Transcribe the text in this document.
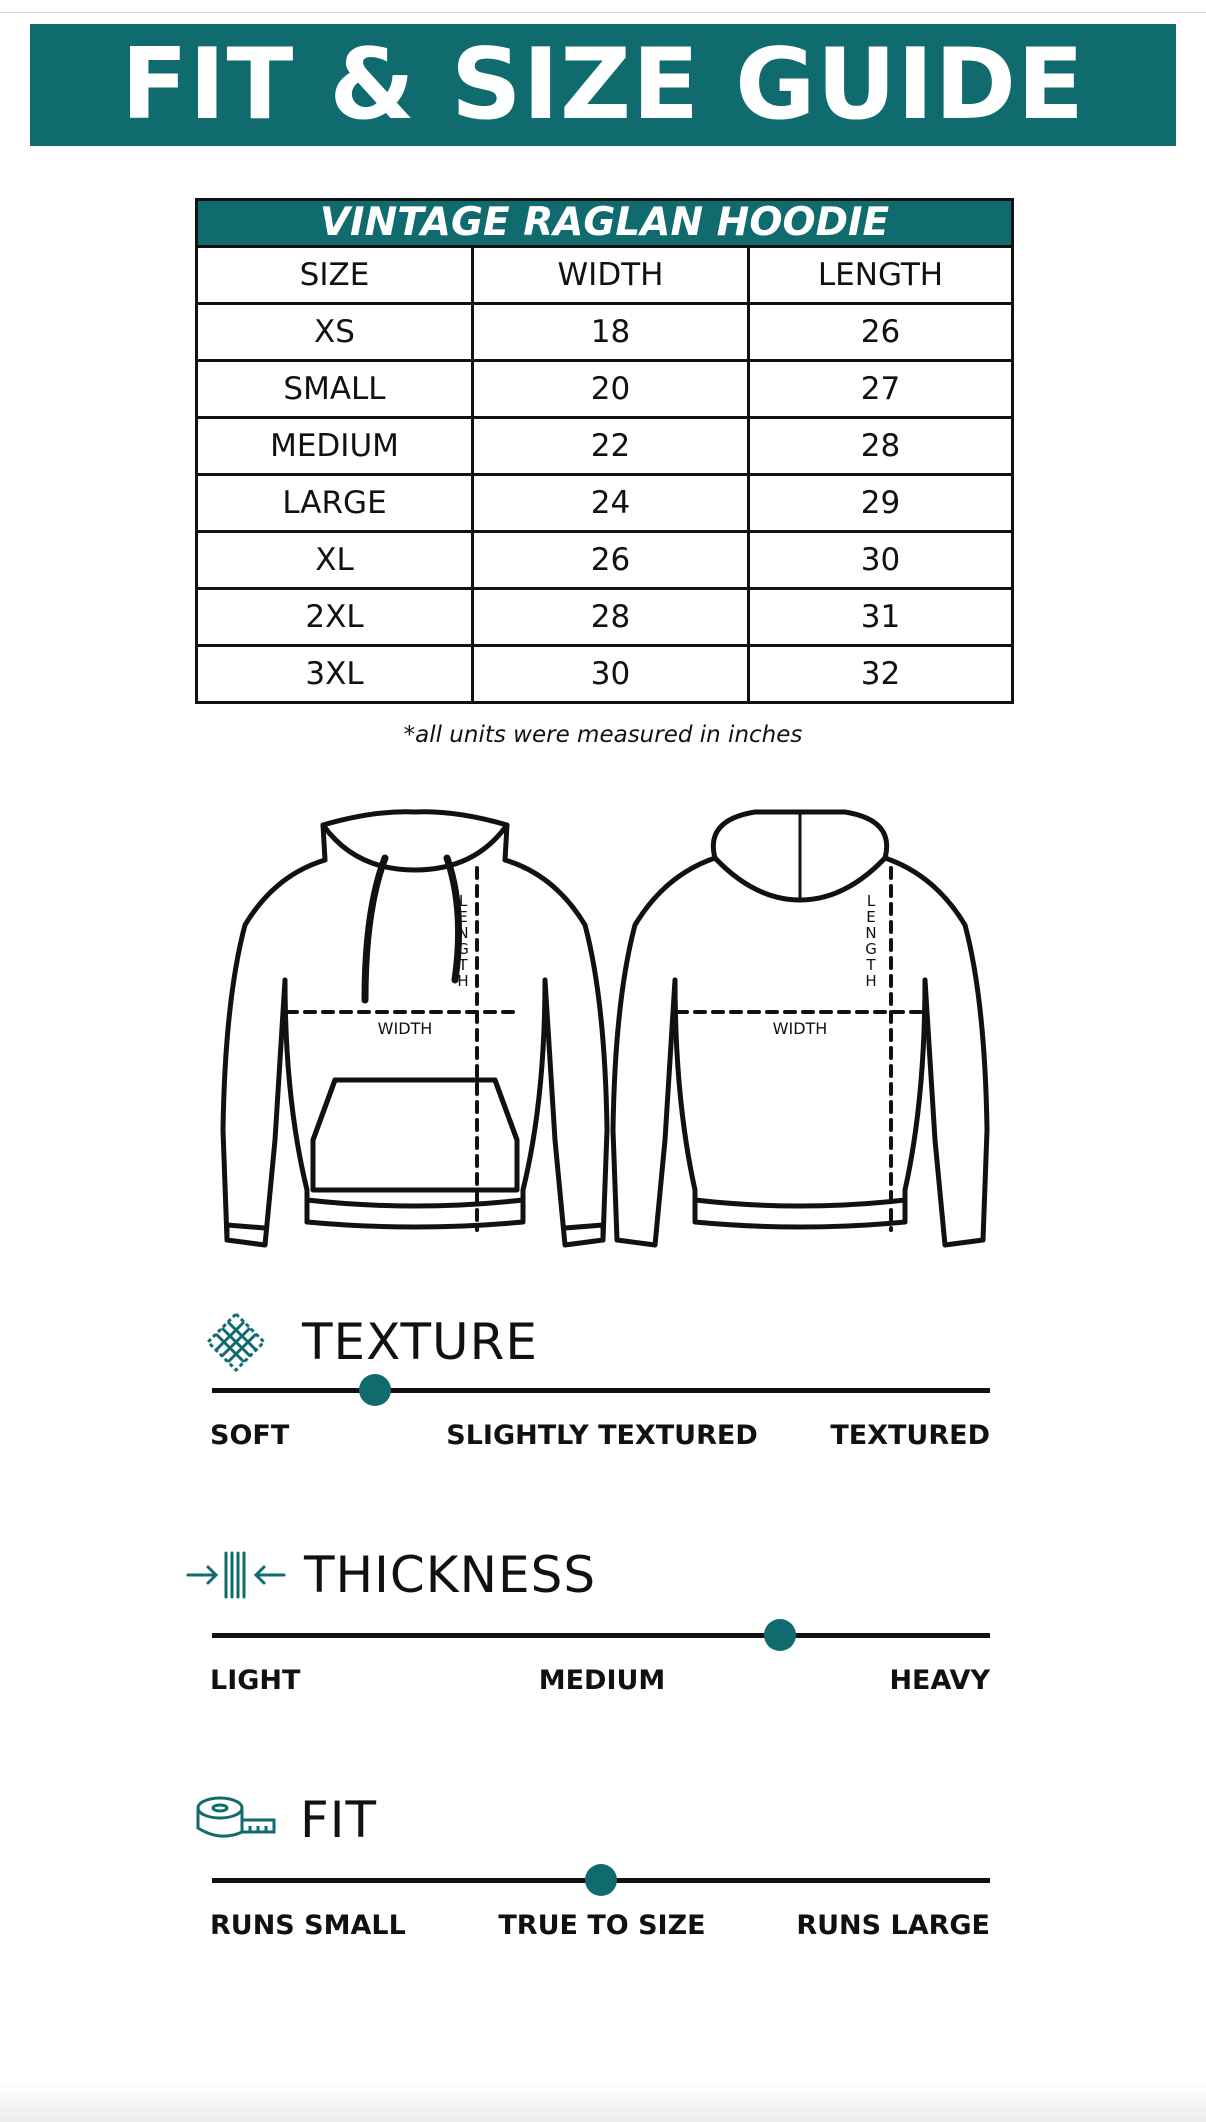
FIT & SIZE GUIDE
VINTAGE RAGLAN HOODIE		
SIZE	WIDTH	LENGTH
XS	18	26
SMALL	20	27
MEDIUM	22	28
LARGE	24	29
XL	26	30
2XL	28	31
3XL	30	32
*all units were measured in inches
WIDTH	WIDTH
L
E
N
G
T
H
L
E
N
G
T
H
TEXTURE
SOFT	SLIGHTLY TEXTURED	TEXTURED
THICKNESS
LIGHT	MEDIUM	HEAVY
FIT
RUNS SMALL	TRUE TO SIZE	RUNS LARGE
